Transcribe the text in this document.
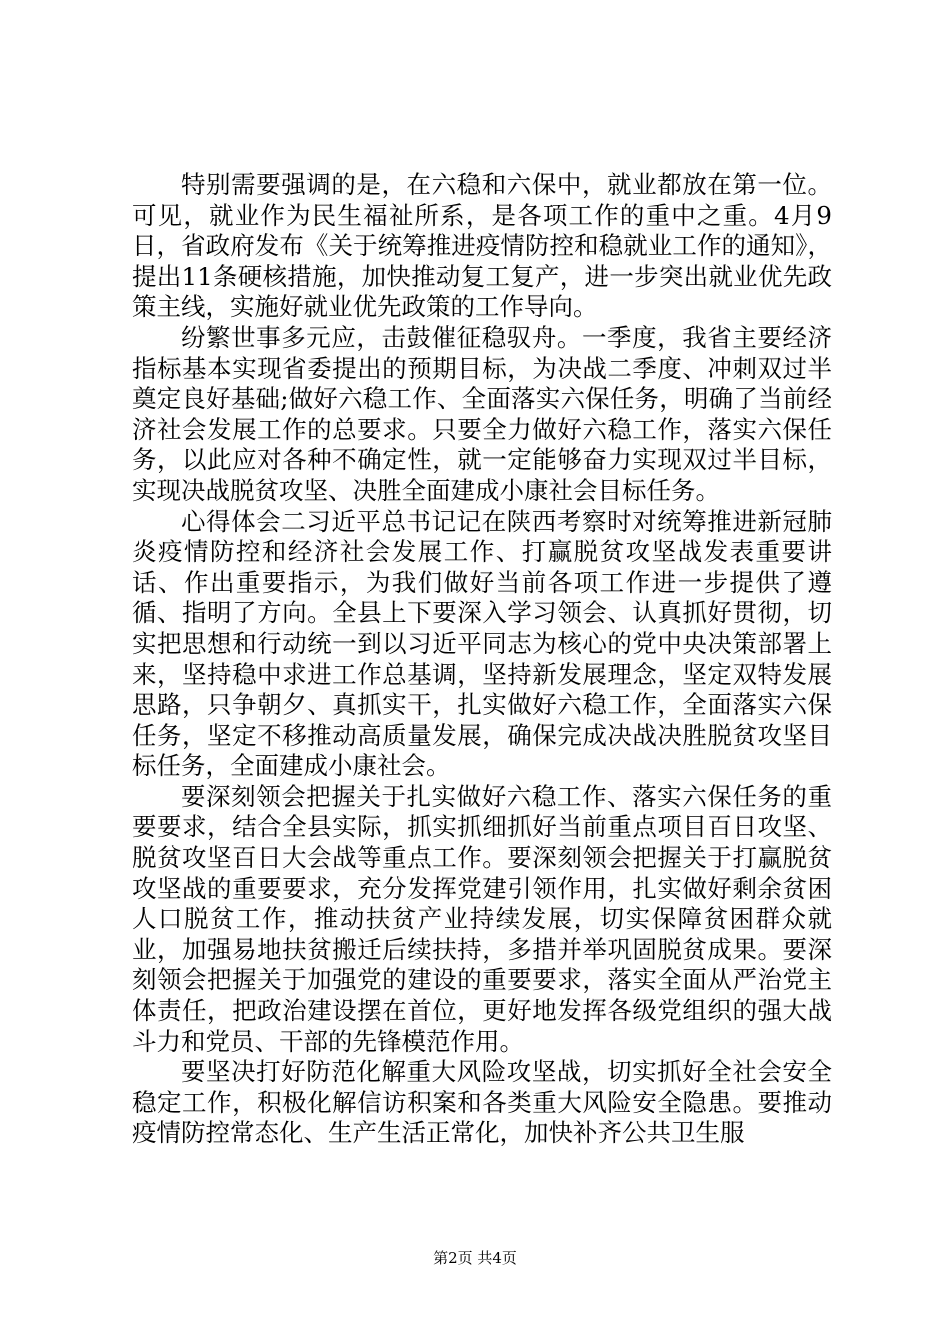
特别需要强调的是，在六稳和六保中，就业都放在第一位。可见，就业作为民生福祉所系，是各项工作的重中之重。4月9日，省政府发布《关于统筹推进疫情防控和稳就业工作的通知》，提出11条硬核措施，加快推动复工复产，进一步突出就业优先政策主线，实施好就业优先政策的工作导向。

纷繁世事多元应，击鼓催征稳驭舟。一季度，我省主要经济指标基本实现省委提出的预期目标，为决战二季度、冲刺双过半奠定良好基础;做好六稳工作、全面落实六保任务，明确了当前经济社会发展工作的总要求。只要全力做好六稳工作，落实六保任务，以此应对各种不确定性，就一定能够奋力实现双过半目标，实现决战脱贫攻坚、决胜全面建成小康社会目标任务。

心得体会二习近平总书记记在陕西考察时对统筹推进新冠肺炎疫情防控和经济社会发展工作、打赢脱贫攻坚战发表重要讲话、作出重要指示，为我们做好当前各项工作进一步提供了遵循、指明了方向。全县上下要深入学习领会、认真抓好贯彻，切实把思想和行动统一到以习近平同志为核心的党中央决策部署上来，坚持稳中求进工作总基调，坚持新发展理念，坚定双特发展思路，只争朝夕、真抓实干，扎实做好六稳工作，全面落实六保任务，坚定不移推动高质量发展，确保完成决战决胜脱贫攻坚目标任务，全面建成小康社会。

要深刻领会把握关于扎实做好六稳工作、落实六保任务的重要要求，结合全县实际，抓实抓细抓好当前重点项目百日攻坚、脱贫攻坚百日大会战等重点工作。要深刻领会把握关于打赢脱贫攻坚战的重要要求，充分发挥党建引领作用，扎实做好剩余贫困人口脱贫工作，推动扶贫产业持续发展，切实保障贫困群众就业，加强易地扶贫搬迁后续扶持，多措并举巩固脱贫成果。要深刻领会把握关于加强党的建设的重要要求，落实全面从严治党主体责任，把政治建设摆在首位，更好地发挥各级党组织的强大战斗力和党员、干部的先锋模范作用。

要坚决打好防范化解重大风险攻坚战，切实抓好全社会安全稳定工作，积极化解信访积案和各类重大风险安全隐患。要推动疫情防控常态化、生产生活正常化，加快补齐公共卫生服

第2页 共4页
